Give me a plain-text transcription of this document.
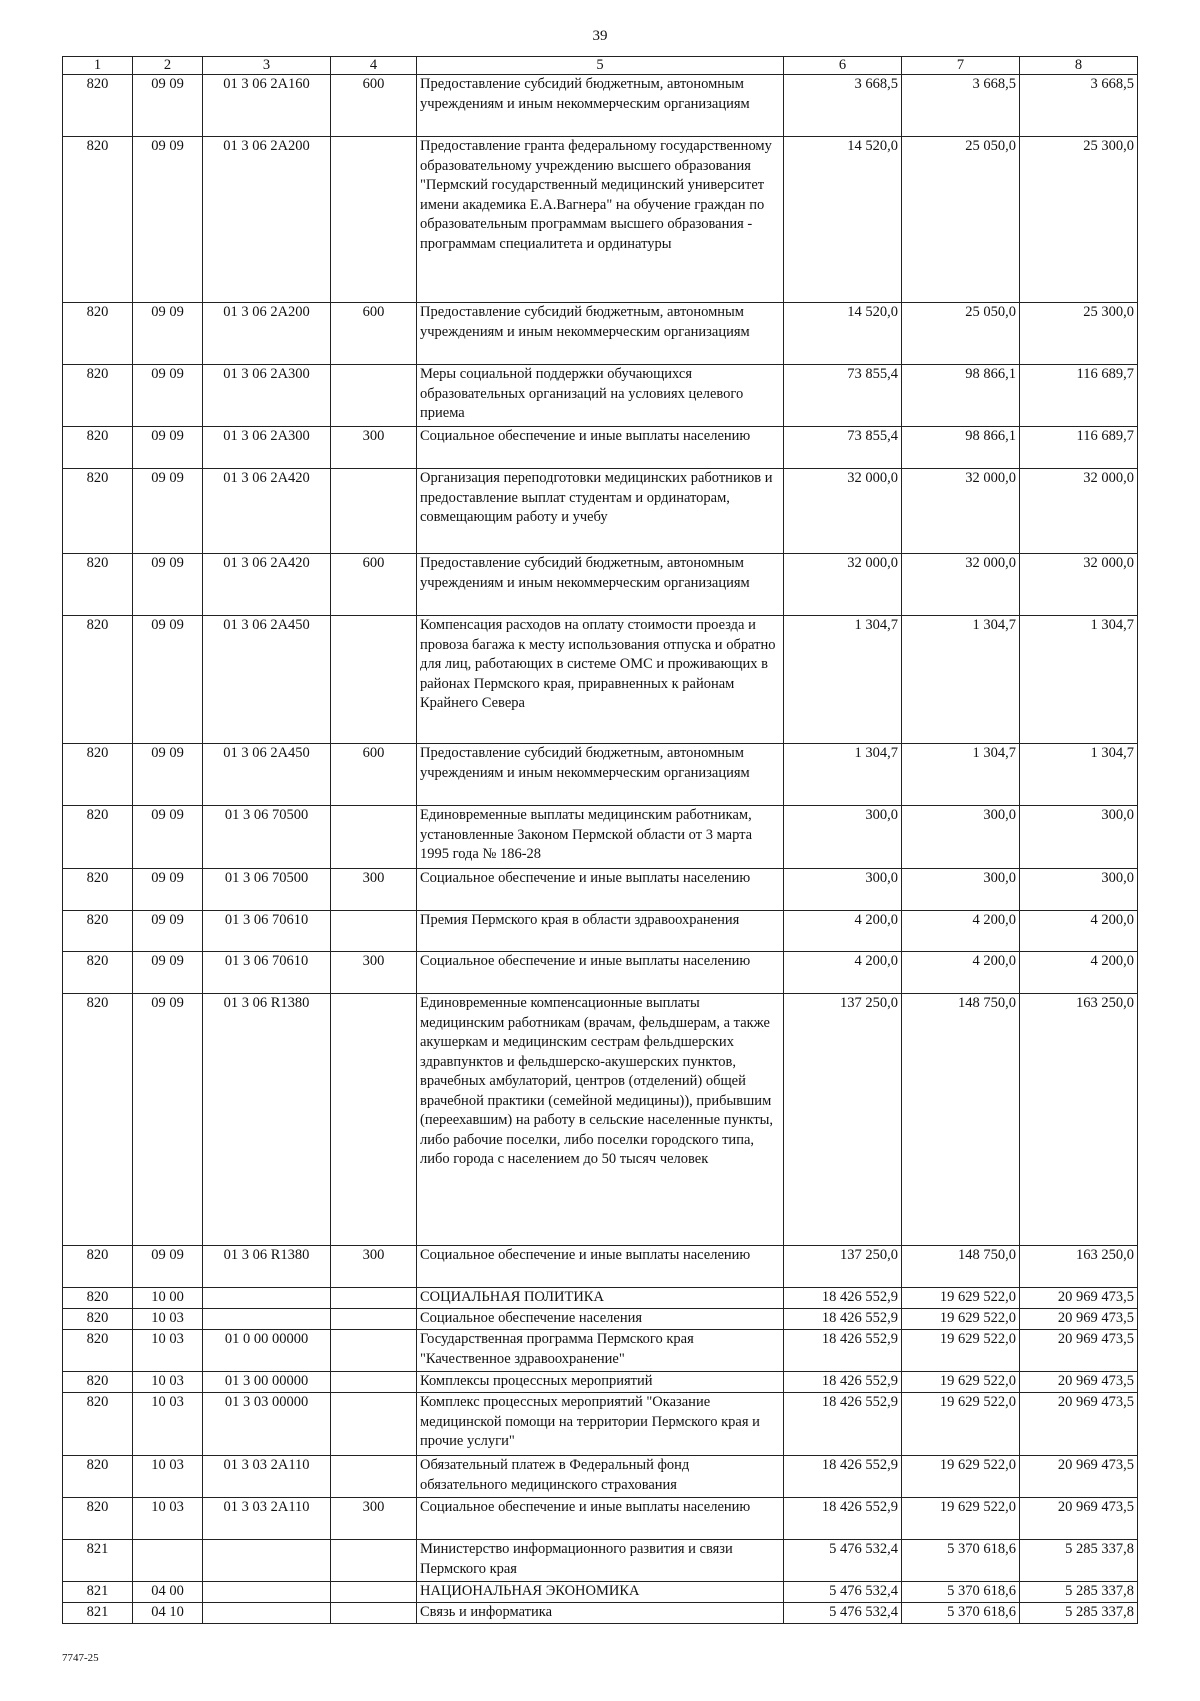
39
1	2	3	4	5	6	7	8
820	09 09	01 3 06 2А160	600	Предоставление субсидий бюджетным, автономным учреждениям и иным некоммерческим организациям	3 668,5	3 668,5	3 668,5
820	09 09	01 3 06 2А200		Предоставление гранта федеральному государственному образовательному учреждению высшего образования "Пермский государственный медицинский университет имени академика Е.А.Вагнера" на обучение граждан по образовательным программам высшего образования - программам специалитета и ординатуры	14 520,0	25 050,0	25 300,0
820	09 09	01 3 06 2А200	600	Предоставление субсидий бюджетным, автономным учреждениям и иным некоммерческим организациям	14 520,0	25 050,0	25 300,0
820	09 09	01 3 06 2А300		Меры социальной поддержки обучающихся образовательных организаций на условиях целевого приема	73 855,4	98 866,1	116 689,7
820	09 09	01 3 06 2А300	300	Социальное обеспечение и иные выплаты населению	73 855,4	98 866,1	116 689,7
820	09 09	01 3 06 2А420		Организация переподготовки медицинских работников и предоставление выплат студентам и ординаторам, совмещающим работу и учебу	32 000,0	32 000,0	32 000,0
820	09 09	01 3 06 2А420	600	Предоставление субсидий бюджетным, автономным учреждениям и иным некоммерческим организациям	32 000,0	32 000,0	32 000,0
820	09 09	01 3 06 2А450		Компенсация расходов на оплату стоимости проезда и провоза багажа к месту использования отпуска и обратно для лиц, работающих в системе ОМС и проживающих в районах Пермского края, приравненных к районам Крайнего Севера	1 304,7	1 304,7	1 304,7
820	09 09	01 3 06 2А450	600	Предоставление субсидий бюджетным, автономным учреждениям и иным некоммерческим организациям	1 304,7	1 304,7	1 304,7
820	09 09	01 3 06 70500		Единовременные выплаты медицинским работникам, установленные Законом Пермской области от 3 марта 1995 года № 186-28	300,0	300,0	300,0
820	09 09	01 3 06 70500	300	Социальное обеспечение и иные выплаты населению	300,0	300,0	300,0
820	09 09	01 3 06 70610		Премия Пермского края в области здравоохранения	4 200,0	4 200,0	4 200,0
820	09 09	01 3 06 70610	300	Социальное обеспечение и иные выплаты населению	4 200,0	4 200,0	4 200,0
820	09 09	01 3 06 R1380		Единовременные компенсационные выплаты медицинским работникам (врачам, фельдшерам, а также акушеркам и медицинским сестрам фельдшерских здравпунктов и фельдшерско-акушерских пунктов, врачебных амбулаторий, центров (отделений) общей врачебной практики (семейной медицины)), прибывшим (переехавшим) на работу в сельские населенные пункты, либо рабочие поселки, либо поселки городского типа, либо города с населением до 50 тысяч человек	137 250,0	148 750,0	163 250,0
820	09 09	01 3 06 R1380	300	Социальное обеспечение и иные выплаты населению	137 250,0	148 750,0	163 250,0
820	10 00			СОЦИАЛЬНАЯ ПОЛИТИКА	18 426 552,9	19 629 522,0	20 969 473,5
820	10 03			Социальное обеспечение населения	18 426 552,9	19 629 522,0	20 969 473,5
820	10 03	01 0 00 00000		Государственная программа Пермского края "Качественное здравоохранение"	18 426 552,9	19 629 522,0	20 969 473,5
820	10 03	01 3 00 00000		Комплексы процессных мероприятий	18 426 552,9	19 629 522,0	20 969 473,5
820	10 03	01 3 03 00000		Комплекс процессных мероприятий "Оказание медицинской помощи на территории Пермского края и прочие услуги"	18 426 552,9	19 629 522,0	20 969 473,5
820	10 03	01 3 03 2А110		Обязательный платеж в Федеральный фонд обязательного медицинского страхования	18 426 552,9	19 629 522,0	20 969 473,5
820	10 03	01 3 03 2А110	300	Социальное обеспечение и иные выплаты населению	18 426 552,9	19 629 522,0	20 969 473,5
821				Министерство информационного развития и связи Пермского края	5 476 532,4	5 370 618,6	5 285 337,8
821	04 00			НАЦИОНАЛЬНАЯ ЭКОНОМИКА	5 476 532,4	5 370 618,6	5 285 337,8
821	04 10			Связь и информатика	5 476 532,4	5 370 618,6	5 285 337,8
7747-25
